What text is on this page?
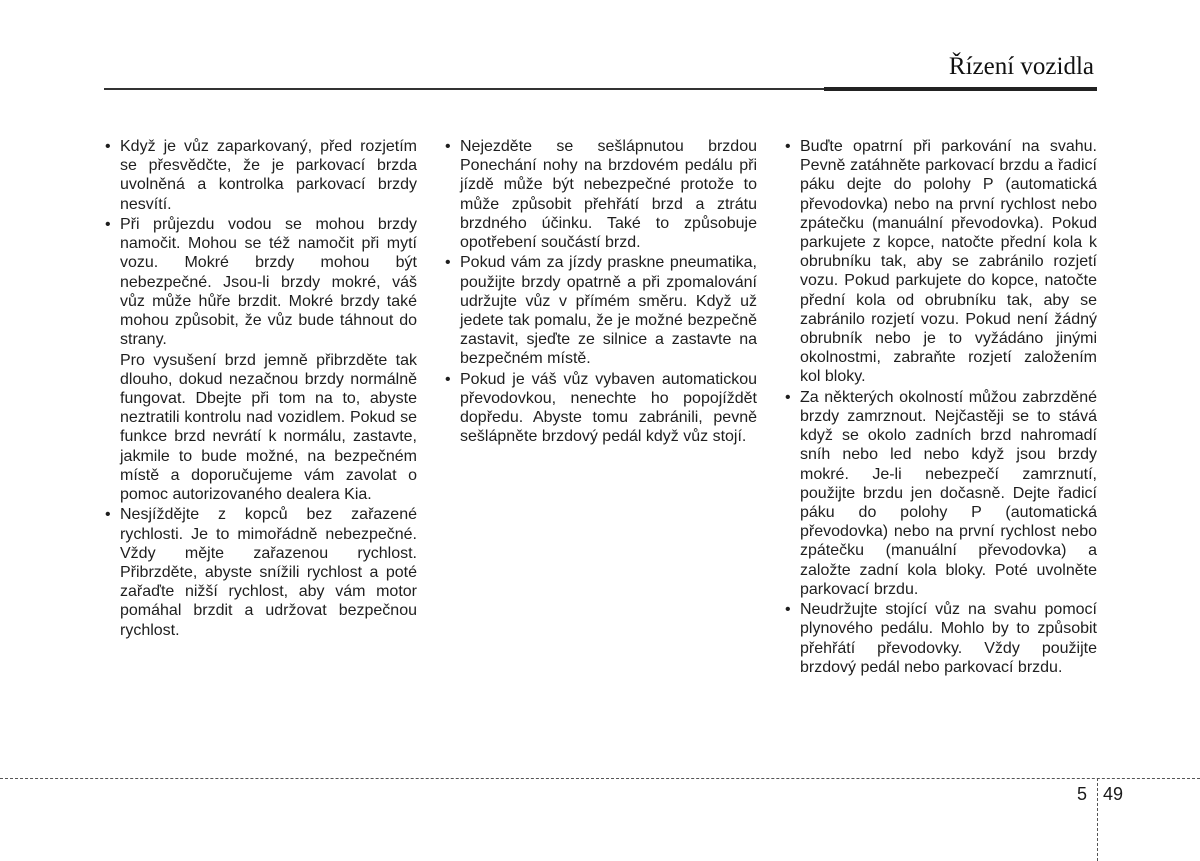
Řízení vozidla
• Když je vůz zaparkovaný, před rozjetím se přesvědčte, že je parkovací brzda uvolněná a kontrolka parkovací brzdy nesvítí.
• Při průjezdu vodou se mohou brzdy namočit. Mohou se též namočit při mytí vozu. Mokré brzdy mohou být nebezpečné. Jsou-li brzdy mokré, váš vůz může hůře brzdit. Mokré brzdy také mohou způsobit, že vůz bude táhnout do strany.
Pro vysušení brzd jemně přibrzděte tak dlouho, dokud nezačnou brzdy normálně fungovat. Dbejte při tom na to, abyste neztratili kontrolu nad vozidlem. Pokud se funkce brzd nevrátí k normálu, zastavte, jakmile to bude možné, na bezpečném místě a doporučujeme vám zavolat o pomoc autorizovaného dealera Kia.
• Nesjíždějte z kopců bez zařazené rychlosti. Je to mimořádně nebezpečné. Vždy mějte zařazenou rychlost. Přibrzděte, abyste snížili rychlost a poté zařaďte nižší rychlost, aby vám motor pomáhal brzdit a udržovat bezpečnou rychlost.
• Nejezděte se sešlápnutou brzdou Ponechání nohy na brzdovém pedálu při jízdě může být nebezpečné protože to může způsobit přehřátí brzd a ztrátu brzdného účinku. Také to způsobuje opotřebení součástí brzd.
• Pokud vám za jízdy praskne pneumatika, použijte brzdy opatrně a při zpomalování udržujte vůz v přímém směru. Když už jedete tak pomalu, že je možné bezpečně zastavit, sjeďte ze silnice a zastavte na bezpečném místě.
• Pokud je váš vůz vybaven automatickou převodovkou, nenechte ho popojíždět dopředu. Abyste tomu zabránili, pevně sešlápněte brzdový pedál když vůz stojí.
• Buďte opatrní při parkování na svahu. Pevně zatáhněte parkovací brzdu a řadicí páku dejte do polohy P (automatická převodovka) nebo na první rychlost nebo zpátečku (manuální převodovka). Pokud parkujete z kopce, natočte přední kola k obrubníku tak, aby se zabránilo rozjetí vozu. Pokud parkujete do kopce, natočte přední kola od obrubníku tak, aby se zabránilo rozjetí vozu. Pokud není žádný obrubník nebo je to vyžádáno jinými okolnostmi, zabraňte rozjetí založením kol bloky.
• Za některých okolností můžou zabrzděné brzdy zamrznout. Nejčastěji se to stává když se okolo zadních brzd nahromadí sníh nebo led nebo když jsou brzdy mokré. Je-li nebezpečí zamrznutí, použijte brzdu jen dočasně. Dejte řadicí páku do polohy P (automatická převodovka) nebo na první rychlost nebo zpátečku (manuální převodovka) a založte zadní kola bloky. Poté uvolněte parkovací brzdu.
• Neudržujte stojící vůz na svahu pomocí plynového pedálu. Mohlo by to způsobit přehřátí převodovky. Vždy použijte brzdový pedál nebo parkovací brzdu.
5 49
